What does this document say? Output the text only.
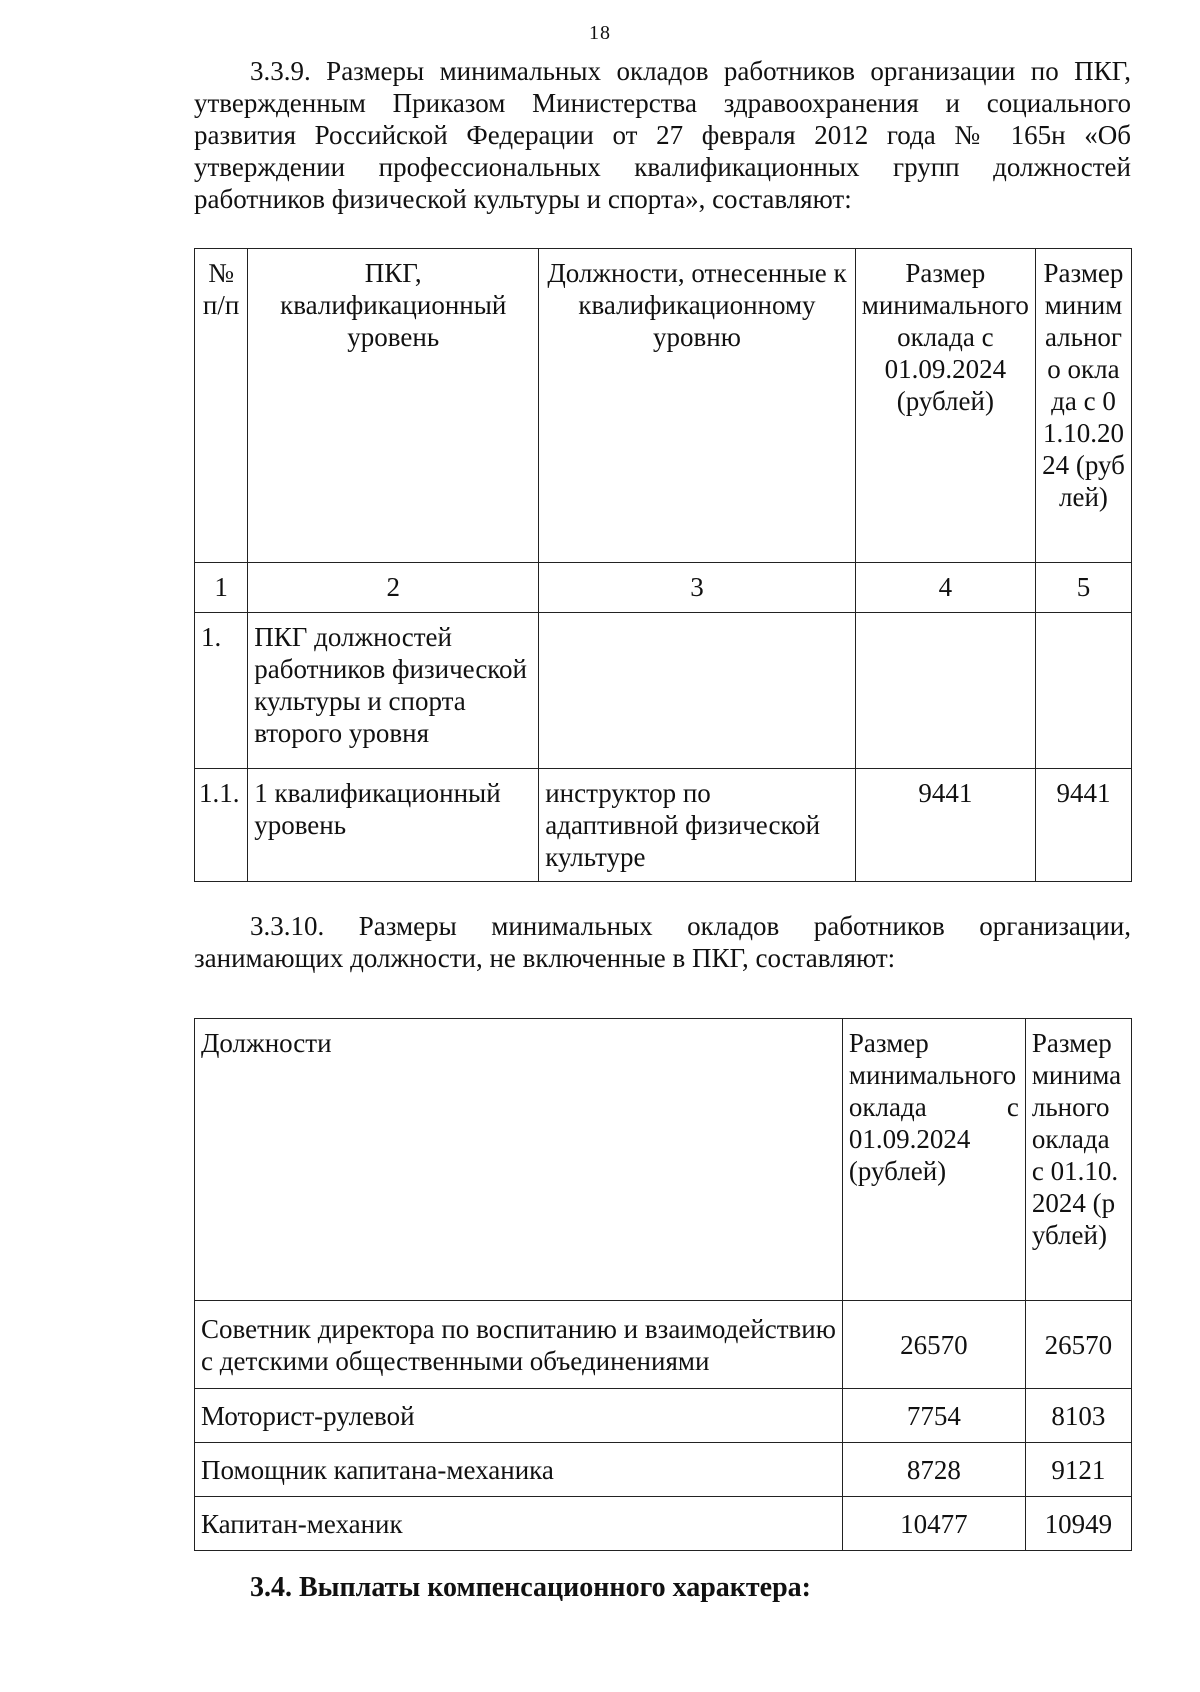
18

3.3.9. Размеры минимальных окладов работников организации по ПКГ, утвержденным Приказом Министерства здравоохранения и социального развития Российской Федерации от 27 февраля 2012 года № 165н «Об утверждении профессиональных квалификационных групп должностей работников физической культуры и спорта», составляют:

№ п/п	ПКГ, квалификационный уровень	Должности, отнесенные к квалификационному уровню	Размер минимального оклада с 01.09.2024 (рублей)	Размер минимального оклада с 01.10.2024 (рублей)
1	2	3	4	5
1.	ПКГ должностей работников физической культуры и спорта второго уровня			
1.1.	1 квалификационный уровень	инструктор по адаптивной физической культуре	9441	9441

3.3.10. Размеры минимальных окладов работников организации, занимающих должности, не включенные в ПКГ, составляют:

Должности	Размер минимального оклада с 01.09.2024 (рублей)	Размер минимального оклада с 01.10.2024 (рублей)
Советник директора по воспитанию и взаимодействию с детскими общественными объединениями	26570	26570
Моторист-рулевой	7754	8103
Помощник капитана-механика	8728	9121
Капитан-механик	10477	10949
3.4. Выплаты компенсационного характера:
